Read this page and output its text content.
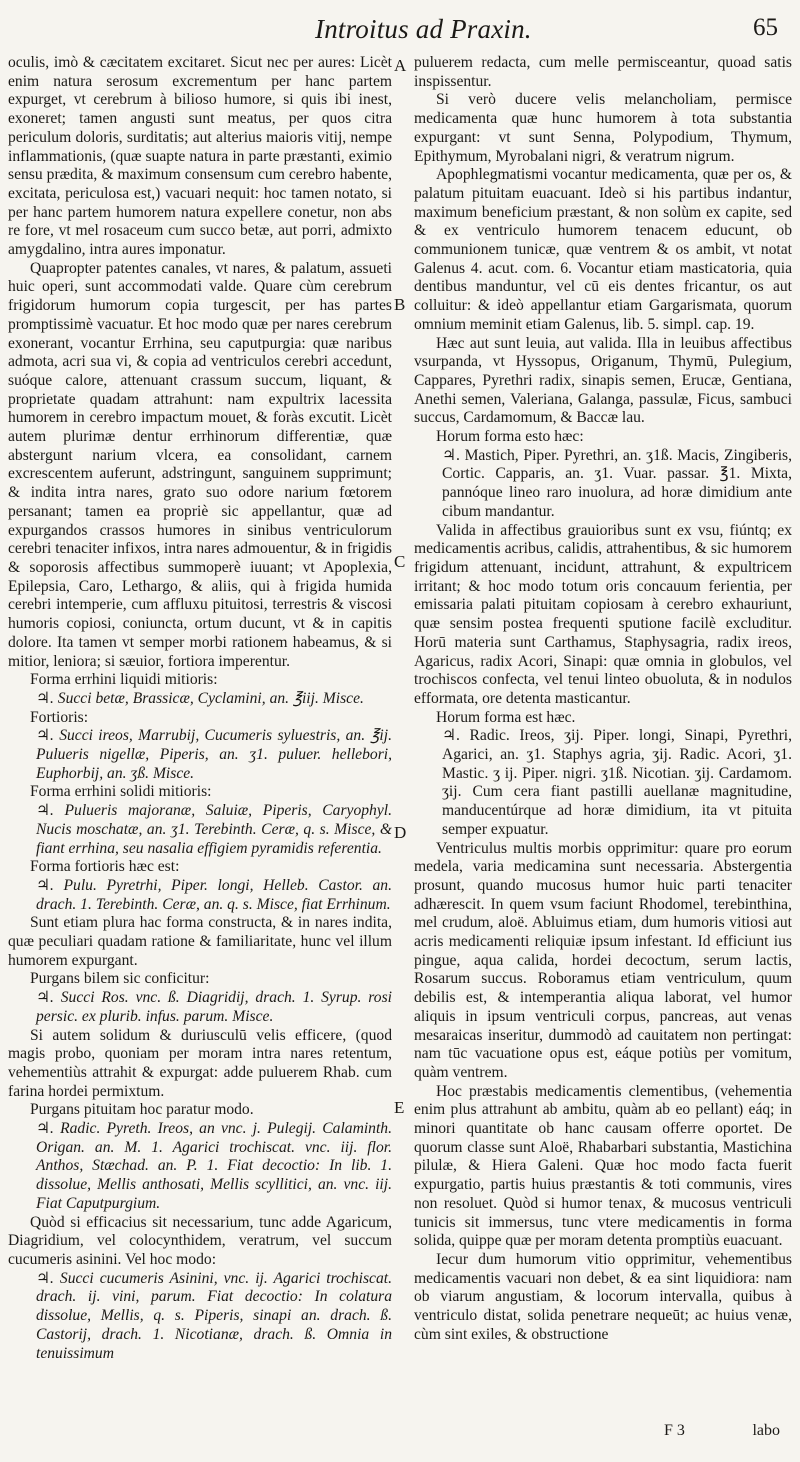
Introitus ad Praxin.	65

oculis, imò & cæcitatem excitaret. Sicut nec per aures: Licèt enim natura serosum excrementum per hanc partem expurget, vt cerebrum à bilioso humore, si quis ibi inest, exoneret; tamen angusti sunt meatus, per quos citra periculum doloris, surditatis; aut alterius maioris vitij, nempe inflammationis, (quæ suapte natura in parte præstanti, eximio sensu prædita, & maximum consensum cum cerebro habente, excitata, periculosa est,) vacuari nequit: hoc tamen notato, si per hanc partem humorem natura expellere conetur, non abs re fore, vt mel rosaceum cum succo betæ, aut porri, admixto amygdalino, intra aures imponatur.

Quapropter patentes canales, vt nares, & palatum, assueti huic operi, sunt accommodati valde. Quare cùm cerebrum frigidorum humorum copia turgescit, per has partes promptissimè vacuatur. Et hoc modo quæ per nares cerebrum exonerant, vocantur Errhina, seu caputpurgia: quæ naribus admota, acri sua vi, & copia ad ventriculos cerebri accedunt, suóque calore, attenuant crassum succum, liquant, & proprietate quadam attrahunt: nam expultrix lacessita humorem in cerebro impactum mouet, & foràs excutit. Licèt autem plurimæ dentur errhinorum differentiæ, quæ abstergunt narium vlcera, ea consolidant, carnem excrescentem auferunt, adstringunt, sanguinem supprimunt; & indita intra nares, grato suo odore narium fœtorem persanant; tamen ea propriè sic appellantur, quæ ad expurgandos crassos humores in sinibus ventriculorum cerebri tenaciter infixos, intra nares admouentur, & in frigidis & soporosis affectibus summoperè iuuant; vt Apoplexia, Epilepsia, Caro, Lethargo, & aliis, qui à frigida humida cerebri intemperie, cum affluxu pituitosi, terrestris & viscosi humoris copiosi, coniuncta, ortum ducunt, vt & in capitis dolore. Ita tamen vt semper morbi rationem habeamus, & si mitior, leniora; si sæuior, fortiora imperentur.

Forma errhini liquidi mitioris:

♃. Succi betæ, Brassicæ, Cyclamini, an. ℥iij. Misce.

Fortioris:

♃. Succi ireos, Marrubij, Cucumeris syluestris, an. ℥ij. Pulueris nigellæ, Piperis, an. ʒ1. puluer. hellebori, Euphorbij, an. ʒß. Misce.

Forma errhini solidi mitioris:

♃. Pulueris majoranæ, Saluiæ, Piperis, Caryophyl. Nucis moschatæ, an. ʒ1. Terebinth. Ceræ, q. s. Misce, & fiant errhina, seu nasalia effigiem pyramidis referentia.

Forma fortioris hæc est:

♃. Pulu. Pyretrhi, Piper. longi, Helleb. Castor. an. drach. 1. Terebinth. Ceræ, an. q. s. Misce, fiat Errhinum.

Sunt etiam plura hac forma constructa, & in nares indita, quæ peculiari quadam ratione & familiaritate, hunc vel illum humorem expurgant.

Purgans bilem sic conficitur:

♃. Succi Ros. vnc. ß. Diagridij, drach. 1. Syrup. rosi persic. ex plurib. infus. parum. Misce.

Si autem solidum & duriusculū velis efficere, (quod magis probo, quoniam per moram intra nares retentum, vehementiùs attrahit & expurgat: adde puluerem Rhab. cum farina hordei permixtum.

Purgans pituitam hoc paratur modo.

♃. Radic. Pyreth. Ireos, an vnc. j. Pulegij. Calaminth. Origan. an. M. 1. Agarici trochiscat. vnc. iij. flor. Anthos, Stæchad. an. P. 1. Fiat decoctio: In lib. 1. dissolue, Mellis anthosati, Mellis scyllitici, an. vnc. iij. Fiat Caputpurgium.

Quòd si efficacius sit necessarium, tunc adde Agaricum, Diagridium, vel colocynthidem, veratrum, vel succum cucumeris asinini. Vel hoc modo:

♃. Succi cucumeris Asinini, vnc. ij. Agarici trochiscat. drach. ij. vini, parum. Fiat decoctio: In colatura dissolue, Mellis, q. s. Piperis, sinapi an. drach. ß. Castorij, drach. 1. Nicotianæ, drach. ß. Omnia in tenuissimum

A
B
C
D
E

puluerem redacta, cum melle permisceantur, quoad satis inspissentur.

Si verò ducere velis melancholiam, permisce medicamenta quæ hunc humorem à tota substantia expurgant: vt sunt Senna, Polypodium, Thymum, Epithymum, Myrobalani nigri, & veratrum nigrum.

Apophlegmatismi vocantur medicamenta, quæ per os, & palatum pituitam euacuant. Ideò si his partibus indantur, maximum beneficium præstant, & non solùm ex capite, sed & ex ventriculo humorem tenacem educunt, ob communionem tunicæ, quæ ventrem & os ambit, vt notat Galenus 4. acut. com. 6. Vocantur etiam masticatoria, quia dentibus manduntur, vel cū eis dentes fricantur, os aut colluitur: & ideò appellantur etiam Gargarismata, quorum omnium meminit etiam Galenus, lib. 5. simpl. cap. 19.

Hæc aut sunt leuia, aut valida. Illa in leuibus affectibus vsurpanda, vt Hyssopus, Origanum, Thymū, Pulegium, Cappares, Pyrethri radix, sinapis semen, Erucæ, Gentiana, Anethi semen, Valeriana, Galanga, passulæ, Ficus, sambuci succus, Cardamomum, & Baccæ lau.

Horum forma esto hæc:

♃. Mastich, Piper. Pyrethri, an. ʒ1ß. Macis, Zingiberis, Cortic. Capparis, an. ʒ1. Vuar. passar. ℥1. Mixta, pannóque lineo raro inuolura, ad horæ dimidium ante cibum mandantur.

Valida in affectibus grauioribus sunt ex vsu, fiúntq; ex medicamentis acribus, calidis, attrahentibus, & sic humorem frigidum attenuant, incidunt, attrahunt, & expultricem irritant; & hoc modo totum oris concauum ferientia, per emissaria palati pituitam copiosam à cerebro exhauriunt, quæ sensim postea frequenti sputione facilè excluditur. Horū materia sunt Carthamus, Staphysagria, radix ireos, Agaricus, radix Acori, Sinapi: quæ omnia in globulos, vel trochiscos confecta, vel tenui linteo obuoluta, & in nodulos efformata, ore detenta masticantur.

Horum forma est hæc.

♃. Radic. Ireos, ʒij. Piper. longi, Sinapi, Pyrethri, Agarici, an. ʒ1. Staphys agria, ʒij. Radic. Acori, ʒ1. Mastic. ʒ ij. Piper. nigri. ʒ1ß. Nicotian. ʒij. Cardamom. ʒij. Cum cera fiant pastilli auellanæ magnitudine, manducentúrque ad horæ dimidium, ita vt pituita semper expuatur.

Ventriculus multis morbis opprimitur: quare pro eorum medela, varia medicamina sunt necessaria. Abstergentia prosunt, quando mucosus humor huic parti tenaciter adhærescit. In quem vsum faciunt Rhodomel, terebinthina, mel crudum, aloë. Abluimus etiam, dum humoris vitiosi aut acris medicamenti reliquiæ ipsum infestant. Id efficiunt ius pingue, aqua calida, hordei decoctum, serum lactis, Rosarum succus. Roboramus etiam ventriculum, quum debilis est, & intemperantia aliqua laborat, vel humor aliquis in ipsum ventriculi corpus, pancreas, aut venas mesaraicas inseritur, dummodò ad cauitatem non pertingat: nam tūc vacuatione opus est, eáque potiùs per vomitum, quàm ventrem.

Hoc præstabis medicamentis clementibus, (vehementia enim plus attrahunt ab ambitu, quàm ab eo pellant) eáq; in minori quantitate ob hanc causam offerre oportet. De quorum classe sunt Aloë, Rhabarbari substantia, Mastichina pilulæ, & Hiera Galeni. Quæ hoc modo facta fuerit expurgatio, partis huius præstantis & toti communis, vires non resoluet. Quòd si humor tenax, & mucosus ventriculi tunicis sit immersus, tunc vtere medicamentis in forma solida, quippe quæ per moram detenta promptiùs euacuant.

Iecur dum humorum vitio opprimitur, vehementibus medicamentis vacuari non debet, & ea sint liquidiora: nam ob viarum angustiam, & locorum intervalla, quibus à ventriculo distat, solida penetrare nequeūt; ac huius venæ, cùm sint exiles, & obstructione

F 3	labo
